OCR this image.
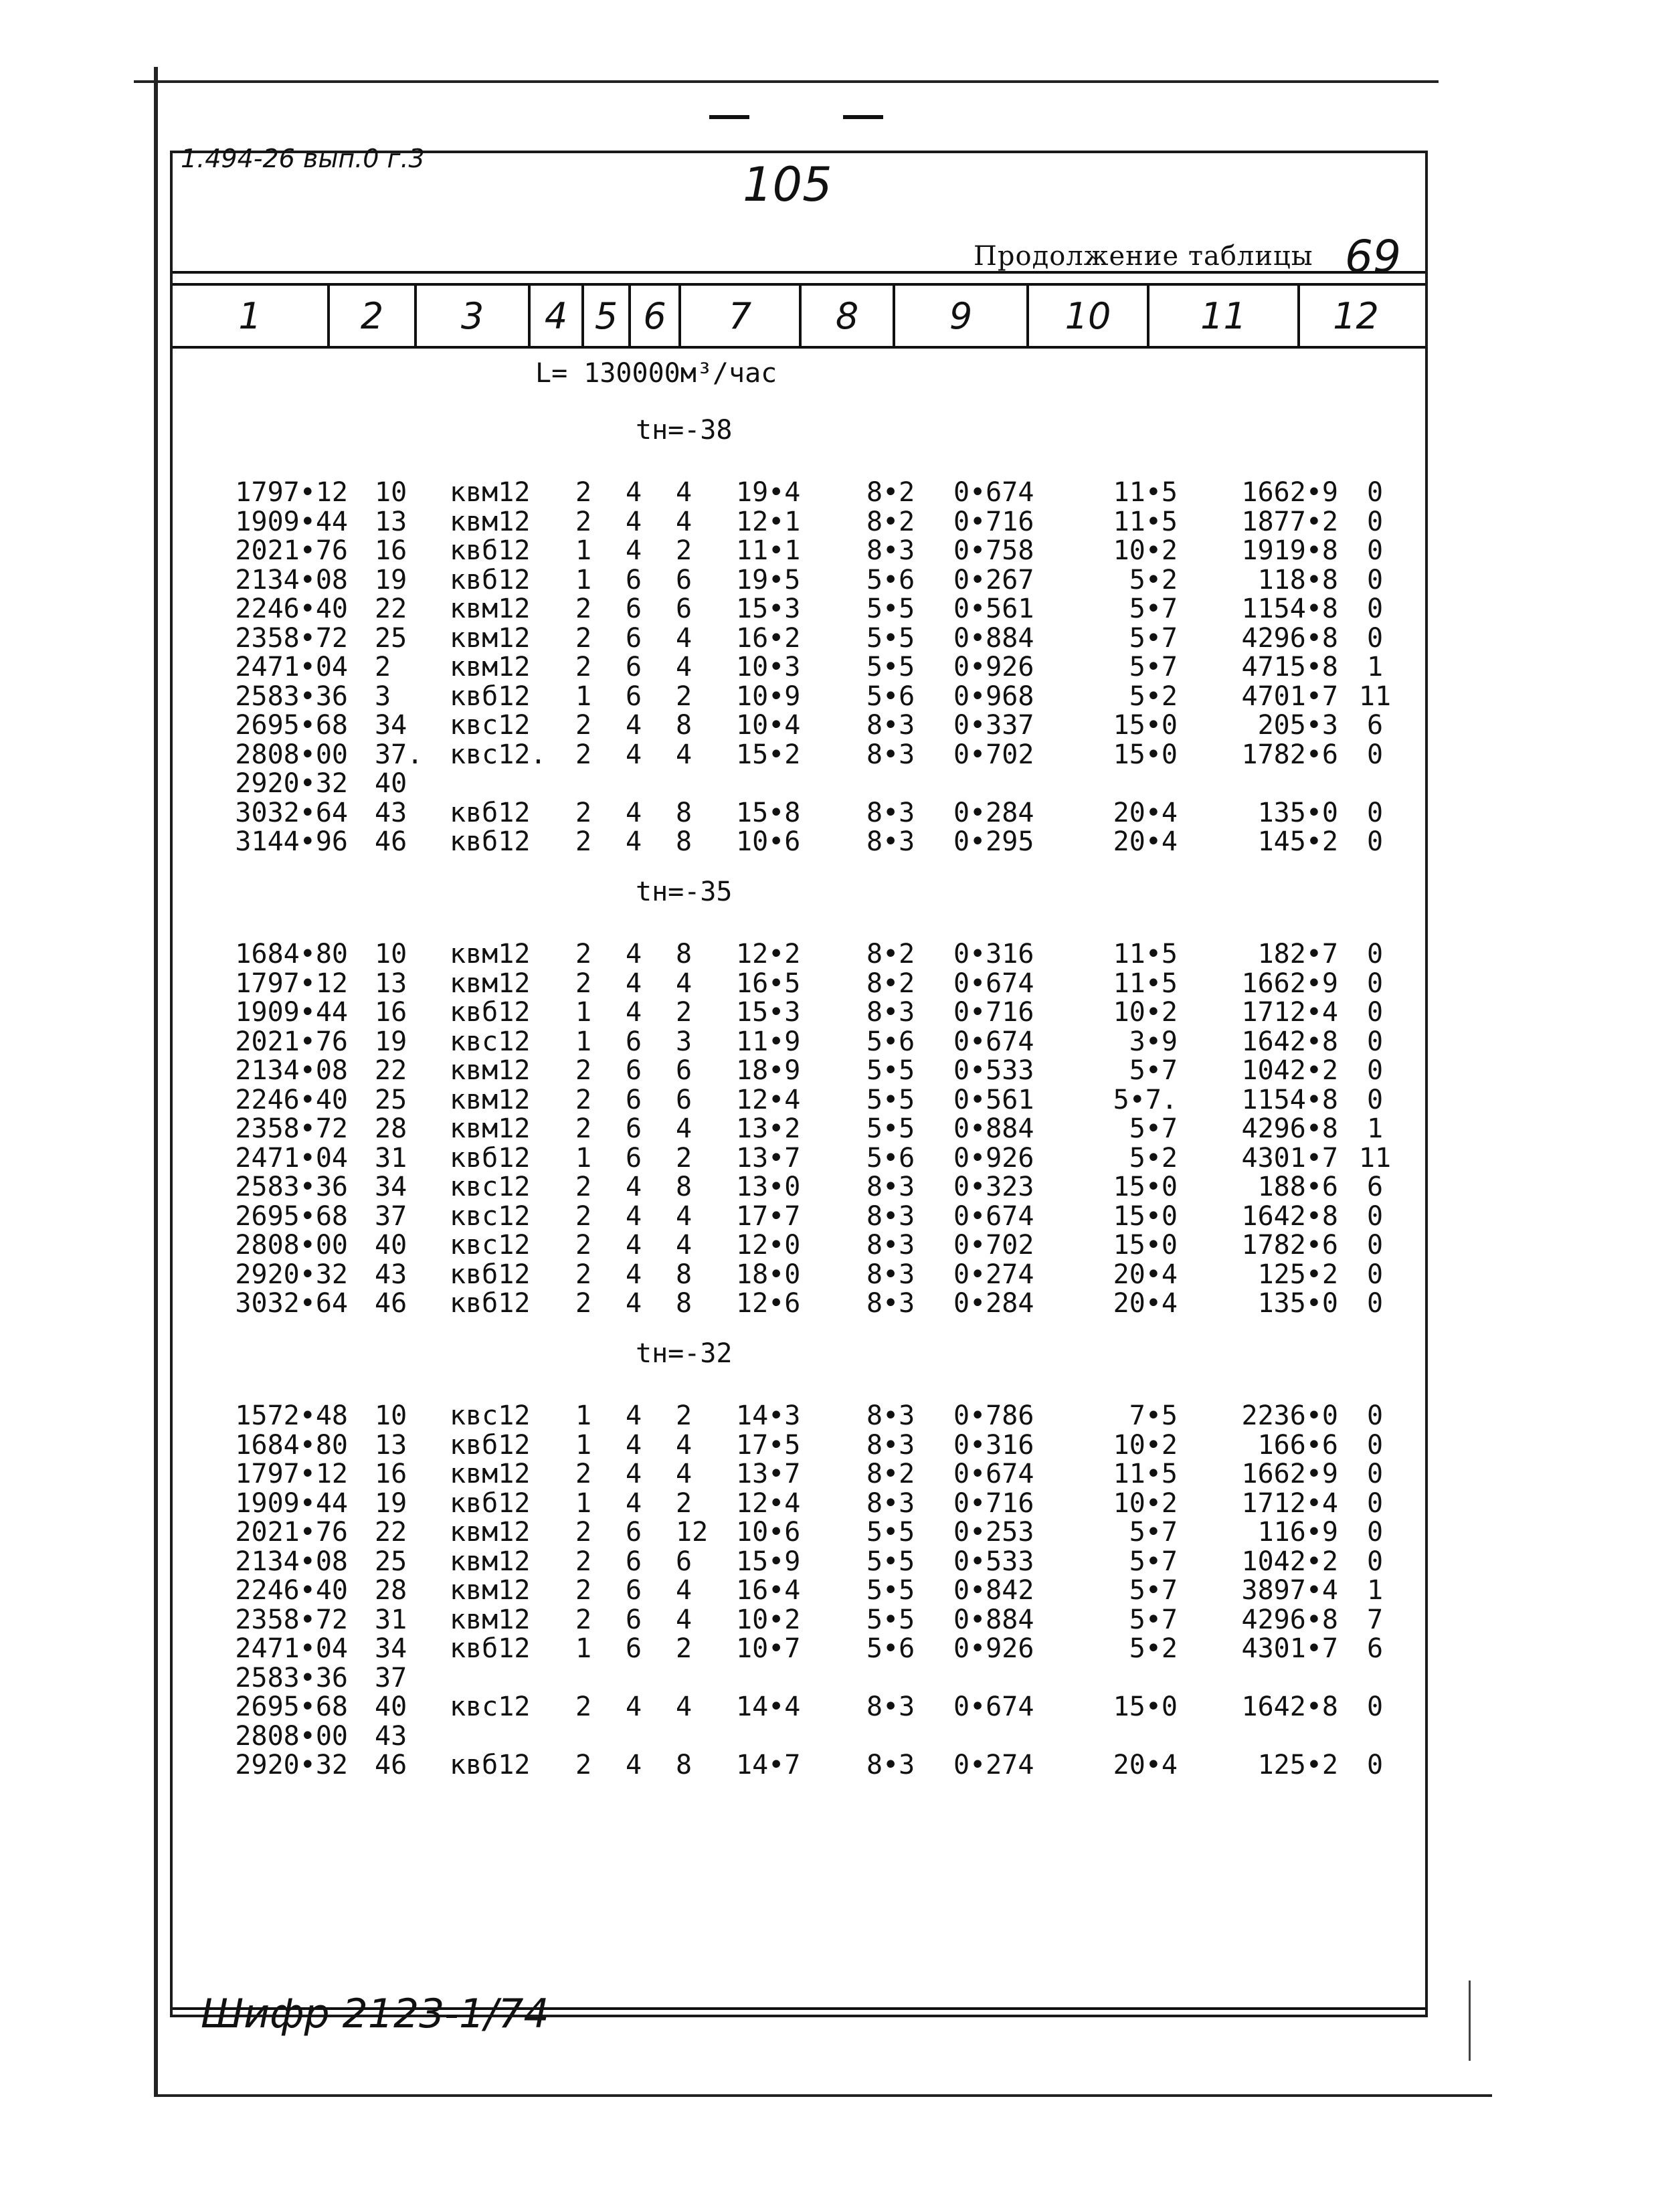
1.494-26 вып.0 г.3	105
Продолжение таблицы 69
1	2	3	4 5 6	7	8	9	10	11	12
L= 130000м³/час
tн=-38
1797•12 10	квм12	2	4	4	19•4	8•2	0•674	11•5	1662•9	0
1909•44 13	квм12	2	4	4	12•1	8•2	0•716	11•5	1877•2	0
2021•76 16	квб12	1	4	2	11•1	8•3	0•758	10•2	1919•8	0
2134•08 19	квб12	1	6	6	19•5	5•6	0•267	5•2	118•8	0
2246•40 22	квм12	2	6	6	15•3	5•5	0•561	5•7	1154•8	0
2358•72 25	квм12	2	6	4	16•2	5•5	0•884	5•7	4296•8	0
2471•04 2	квм12	2	6	4	10•3	5•5	0•926	5•7	4715•8	1
2583•36 3	квб12	1	6	2	10•9	5•6	0•968	5•2	4701•7 11
2695•68 34	квс12	2	4	8	10•4	8•3	0•337	15•0	205•3	6
2808•00 37. квс12.	2	4	4	15•2	8•3	0•702	15•0	1782•6	0
2920•32 40
3032•64 43	квб12	2	4	8	15•8	8•3	0•284	20•4	135•0	0
3144•96 46	квб12	2	4	8	10•6	8•3	0•295	20•4	145•2	0
tн=-35
1684•80 10	квм12	2	4	8	12•2	8•2	0•316	11•5	182•7	0
1797•12 13	квм12	2	4	4	16•5	8•2	0•674	11•5	1662•9	0
1909•44 16	квб12	1	4	2	15•3	8•3	0•716	10•2	1712•4	0
2021•76 19	квс12	1	6	3	11•9	5•6	0•674	3•9	1642•8	0
2134•08 22	квм12	2	6	6	18•9	5•5	0•533	5•7	1042•2	0
2246•40 25	квм12	2	6	6	12•4	5•5	0•561	5•7.	1154•8	0
2358•72 28	квм12	2	6	4	13•2	5•5	0•884	5•7	4296•8	1
2471•04 31	квб12	1	6	2	13•7	5•6	0•926	5•2	4301•7 11
2583•36 34	квс12	2	4	8	13•0	8•3	0•323	15•0	188•6	6
2695•68 37	квс12	2	4	4	17•7	8•3	0•674	15•0	1642•8	0
2808•00 40	квс12	2	4	4	12•0	8•3	0•702	15•0	1782•6	0
2920•32 43	квб12	2	4	8	18•0	8•3	0•274	20•4	125•2	0
3032•64 46	квб12	2	4	8	12•6	8•3	0•284	20•4	135•0	0
tн=-32
1572•48 10	квс12	1	4	2	14•3	8•3	0•786	7•5	2236•0	0
1684•80 13	квб12	1	4	4	17•5	8•3	0•316	10•2	166•6	0
1797•12 16	квм12	2	4	4	13•7	8•2	0•674	11•5	1662•9	0
1909•44 19	квб12	1	4	2	12•4	8•3	0•716	10•2	1712•4	0
2021•76 22	квм12	2	6	12 10•6	5•5	0•253	5•7	116•9	0
2134•08 25	квм12	2	6	6	15•9	5•5	0•533	5•7	1042•2	0
2246•40 28	квм12	2	6	4	16•4	5•5	0•842	5•7	3897•4	1
2358•72 31	квм12	2	6	4	10•2	5•5	0•884	5•7	4296•8	7
2471•04 34	квб12	1	6	2	10•7	5•6	0•926	5•2	4301•7	6
2583•36 37
2695•68 40	квс12	2	4	4	14•4	8•3	0•674	15•0	1642•8	0
2808•00 43
2920•32 46	квб12	2	4	8	14•7	8•3	0•274	20•4	125•2	0
Шифр 2123-1/74
